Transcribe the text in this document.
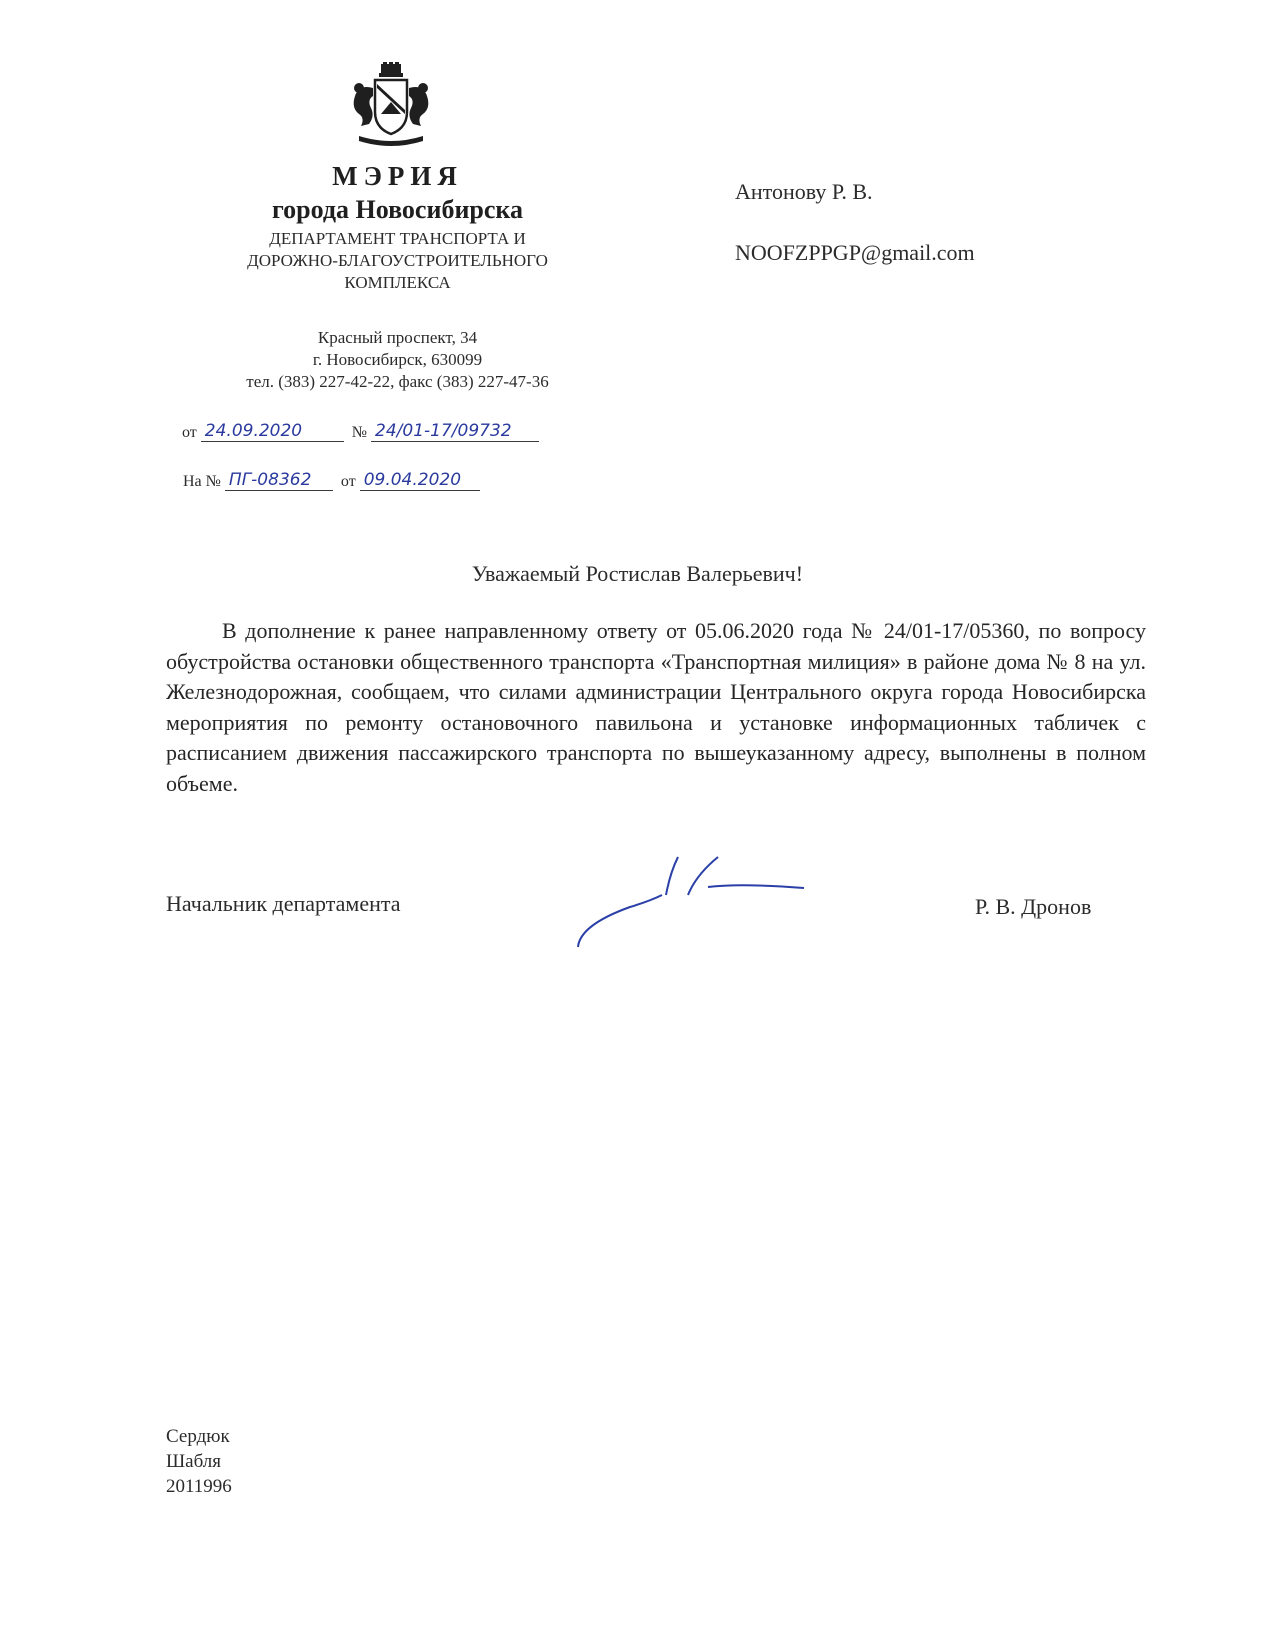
МЭРИЯ
города Новосибирска
ДЕПАРТАМЕНТ ТРАНСПОРТА И
ДОРОЖНО-БЛАГОУСТРОИТЕЛЬНОГО
КОМПЛЕКСА
Красный проспект, 34
г. Новосибирск, 630099
тел. (383) 227-42-22, факс (383) 227-47-36
от 24.09.2020	№ 24/01-17/09732
На № ПГ-08362	от 09.04.2020
Антонову Р. В.
NOOFZPPGP@gmail.com
Уважаемый Ростислав Валерьевич!
В дополнение к ранее направленному ответу от 05.06.2020 года № 24/01-17/05360, по вопросу обустройства остановки общественного транспорта «Транспортная милиция» в районе дома № 8 на ул. Железнодорожная, сообщаем, что силами администрации Центрального округа города Новосибирска мероприятия по ремонту остановочного павильона и установке информационных табличек с расписанием движения пассажирского транспорта по вышеуказанному адресу, выполнены в полном объеме.
Начальник департамента	Р. В. Дронов
Сердюк
Шабля
2011996
